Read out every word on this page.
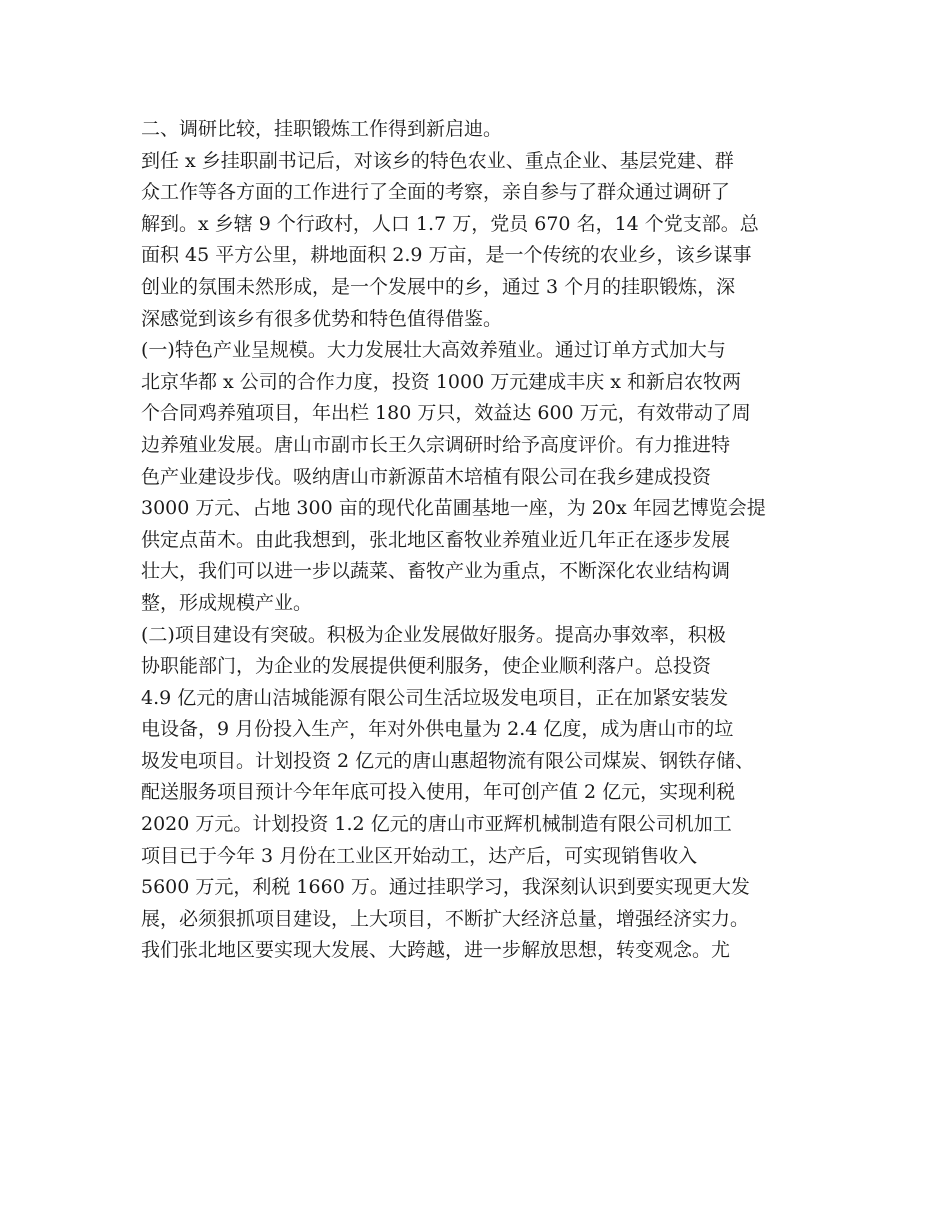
二、调研比较，挂职锻炼工作得到新启迪。
到任 x 乡挂职副书记后，对该乡的特色农业、重点企业、基层党建、群
众工作等各方面的工作进行了全面的考察，亲自参与了群众通过调研了
解到。x 乡辖 9 个行政村，人口 1.7 万，党员 670 名，14 个党支部。总
面积 45 平方公里，耕地面积 2.9 万亩，是一个传统的农业乡，该乡谋事
创业的氛围未然形成，是一个发展中的乡，通过 3 个月的挂职锻炼，深
深感觉到该乡有很多优势和特色值得借鉴。
(一)特色产业呈规模。大力发展壮大高效养殖业。通过订单方式加大与
北京华都 x 公司的合作力度，投资 1000 万元建成丰庆 x 和新启农牧两
个合同鸡养殖项目，年出栏 180 万只，效益达 600 万元，有效带动了周
边养殖业发展。唐山市副市长王久宗调研时给予高度评价。有力推进特
色产业建设步伐。吸纳唐山市新源苗木培植有限公司在我乡建成投资
3000 万元、占地 300 亩的现代化苗圃基地一座，为 20x 年园艺博览会提
供定点苗木。由此我想到，张北地区畜牧业养殖业近几年正在逐步发展
壮大，我们可以进一步以蔬菜、畜牧产业为重点，不断深化农业结构调
整，形成规模产业。
(二)项目建设有突破。积极为企业发展做好服务。提高办事效率，积极
协职能部门，为企业的发展提供便利服务，使企业顺利落户。总投资
4.9 亿元的唐山洁城能源有限公司生活垃圾发电项目，正在加紧安装发
电设备，9 月份投入生产，年对外供电量为 2.4 亿度，成为唐山市的垃
圾发电项目。计划投资 2 亿元的唐山惠超物流有限公司煤炭、钢铁存储、
配送服务项目预计今年年底可投入使用，年可创产值 2 亿元，实现利税
2020 万元。计划投资 1.2 亿元的唐山市亚辉机械制造有限公司机加工
项目已于今年 3 月份在工业区开始动工，达产后，可实现销售收入
5600 万元，利税 1660 万。通过挂职学习，我深刻认识到要实现更大发
展，必须狠抓项目建设，上大项目，不断扩大经济总量，增强经济实力。
我们张北地区要实现大发展、大跨越，进一步解放思想，转变观念。尤
